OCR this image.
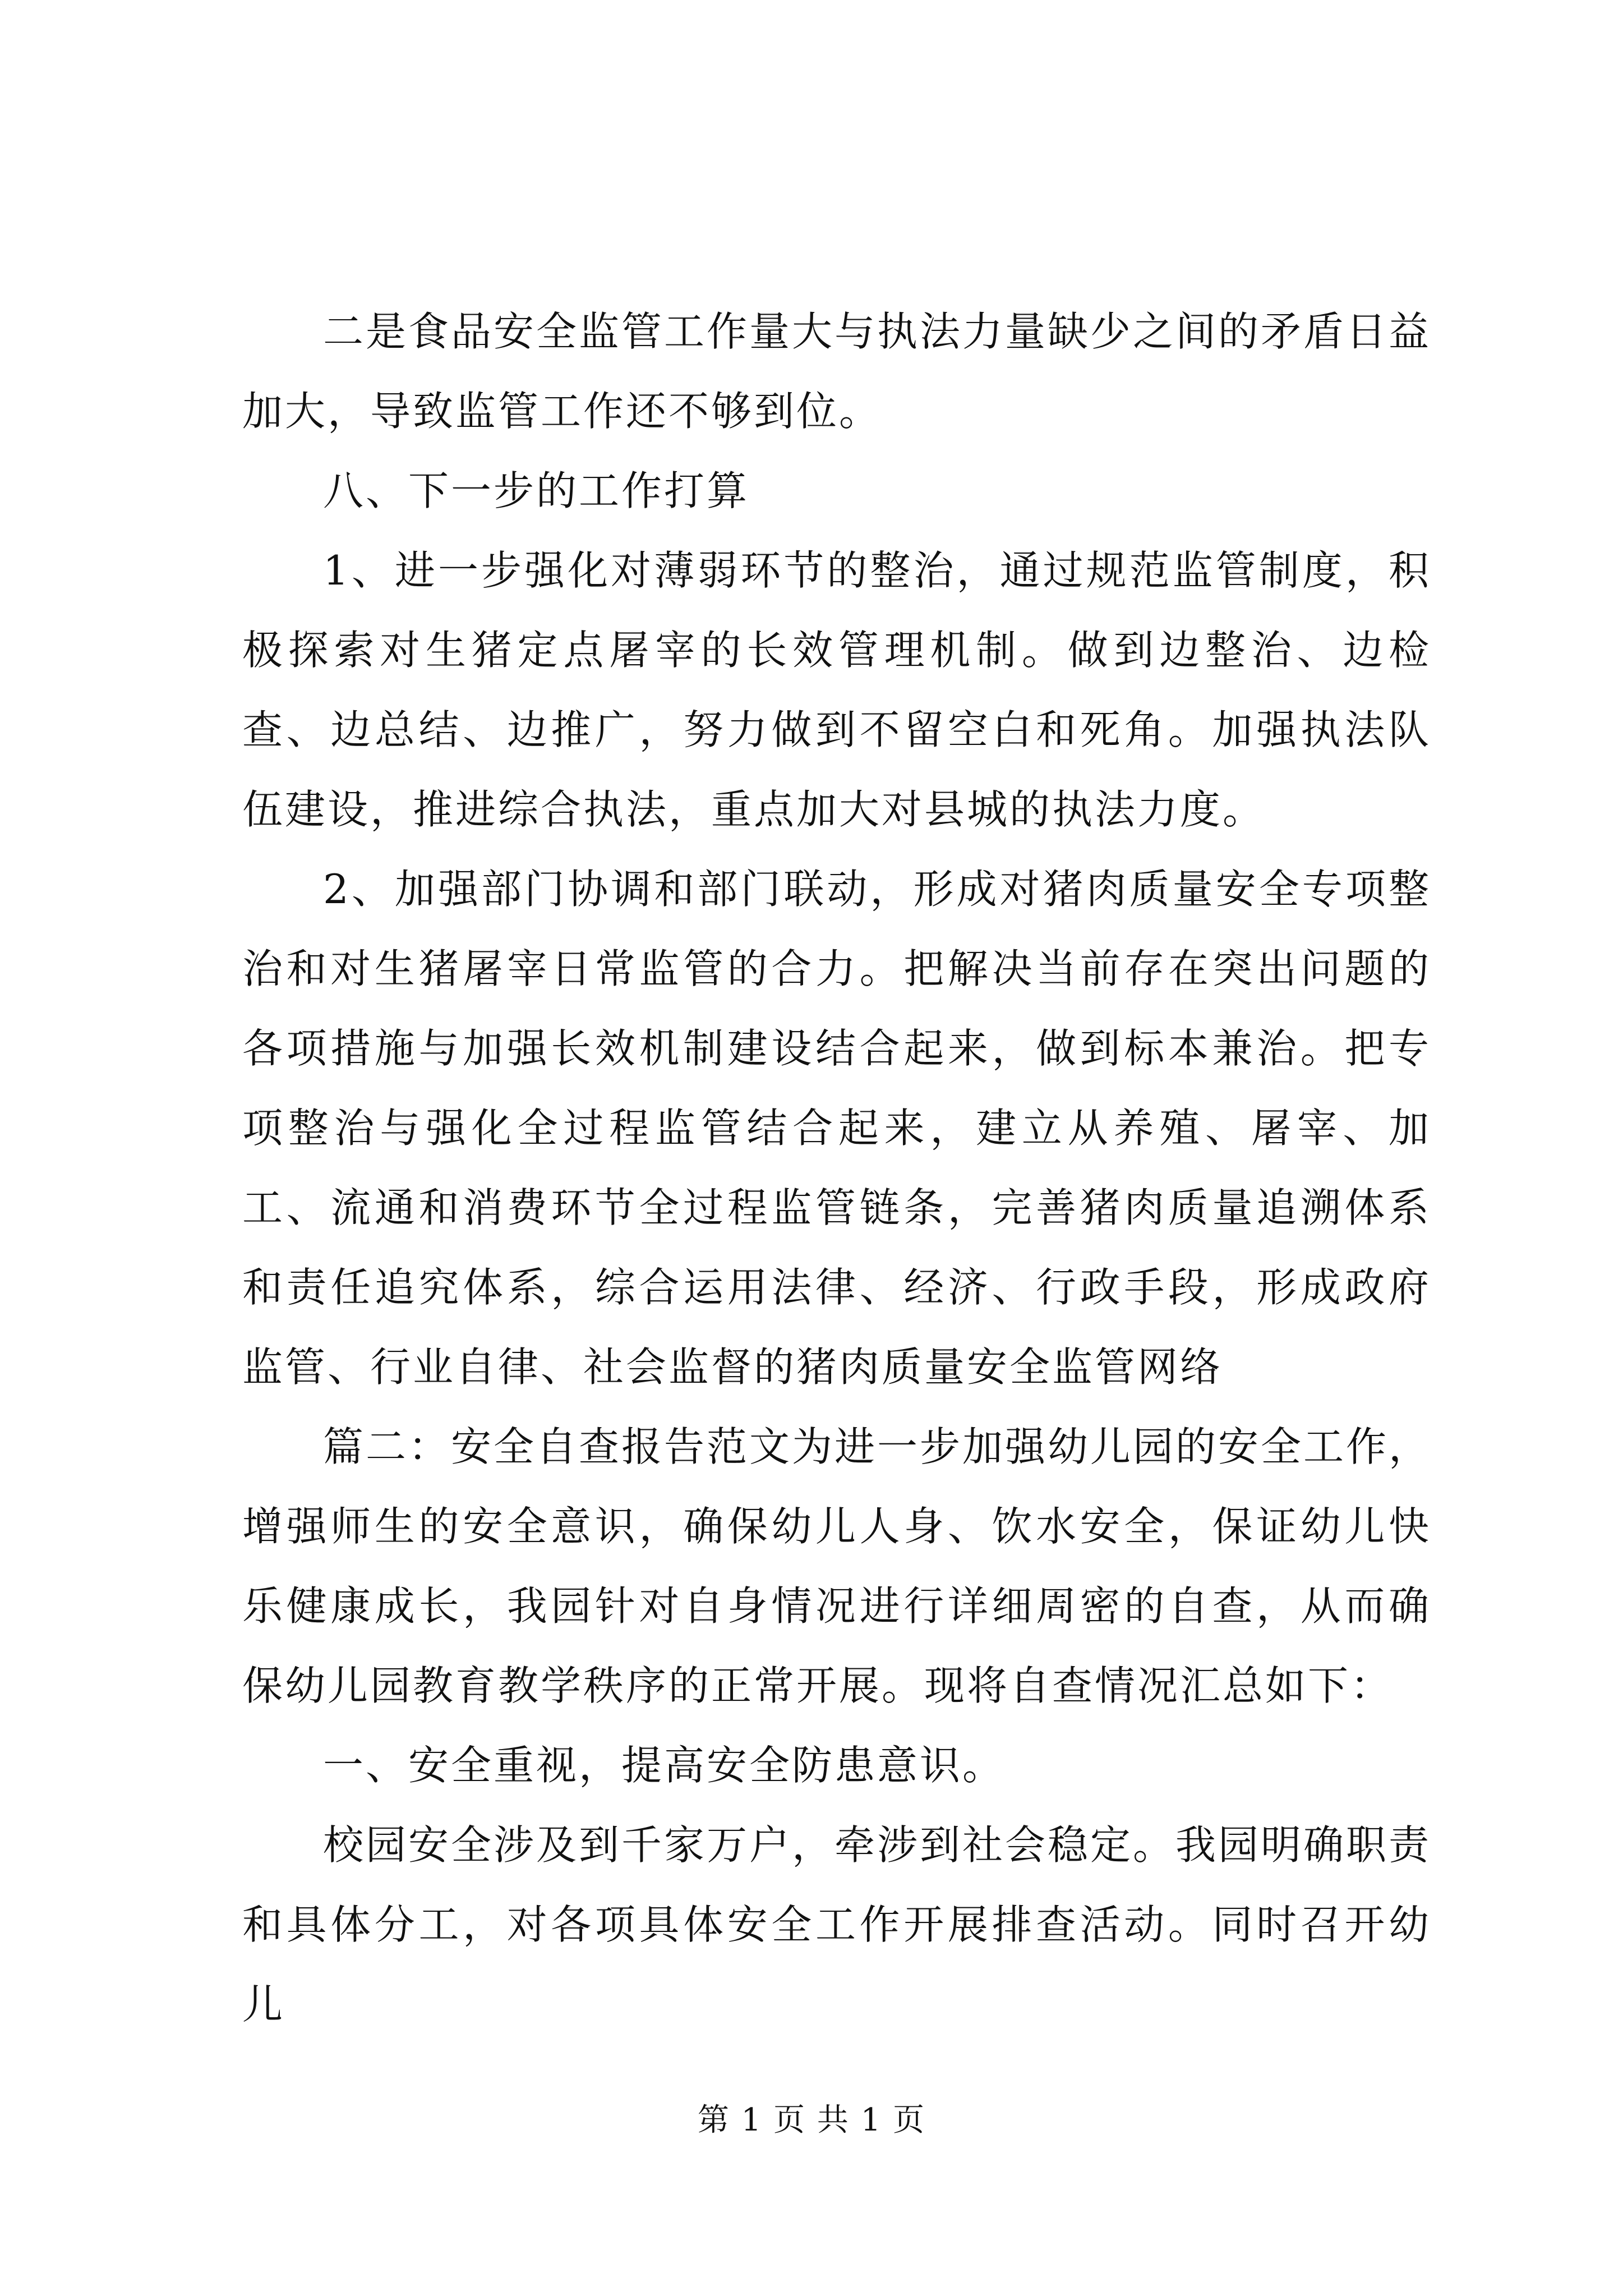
二是食品安全监管工作量大与执法力量缺少之间的矛盾日益加大，导致监管工作还不够到位。

八、下一步的工作打算

1、进一步强化对薄弱环节的整治，通过规范监管制度，积极探索对生猪定点屠宰的长效管理机制。做到边整治、边检查、边总结、边推广，努力做到不留空白和死角。加强执法队伍建设，推进综合执法，重点加大对县城的执法力度。

2、加强部门协调和部门联动，形成对猪肉质量安全专项整治和对生猪屠宰日常监管的合力。把解决当前存在突出问题的各项措施与加强长效机制建设结合起来，做到标本兼治。把专项整治与强化全过程监管结合起来，建立从养殖、屠宰、加工、流通和消费环节全过程监管链条，完善猪肉质量追溯体系和责任追究体系，综合运用法律、经济、行政手段，形成政府监管、行业自律、社会监督的猪肉质量安全监管网络

篇二：安全自查报告范文为进一步加强幼儿园的安全工作，增强师生的安全意识，确保幼儿人身、饮水安全，保证幼儿快乐健康成长，我园针对自身情况进行详细周密的自查，从而确保幼儿园教育教学秩序的正常开展。现将自查情况汇总如下：

一、安全重视，提高安全防患意识。

校园安全涉及到千家万户，牵涉到社会稳定。我园明确职责和具体分工，对各项具体安全工作开展排查活动。同时召开幼儿

第 1 页 共 1 页
